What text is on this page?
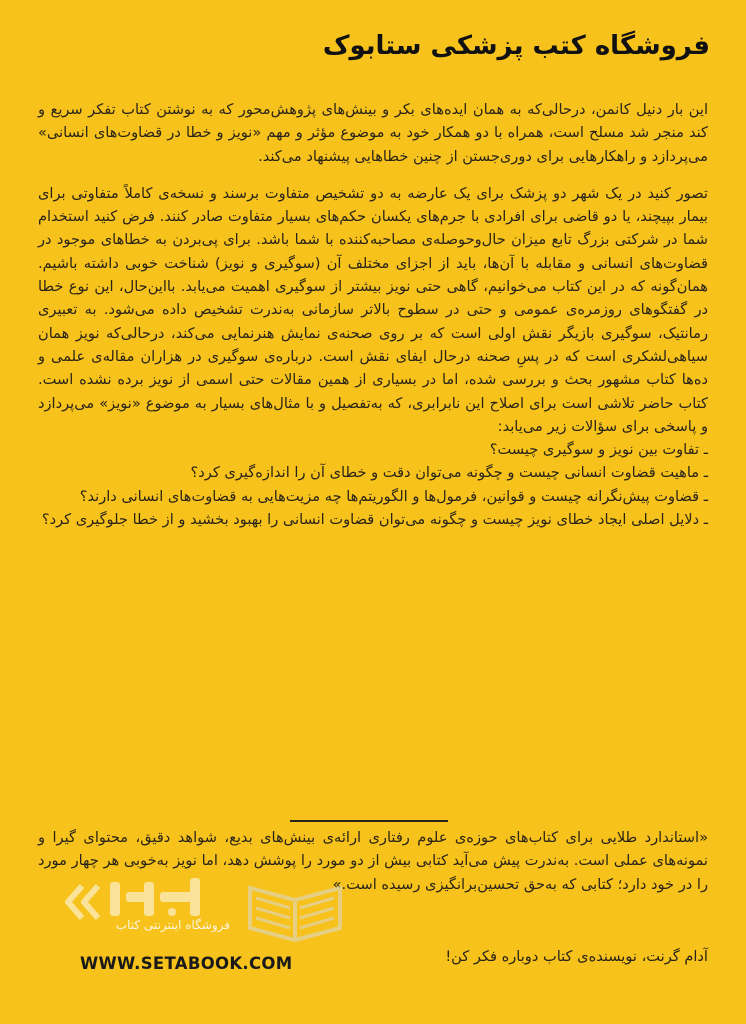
فروشگاه کتب پزشکی ستابوک

این بار دنیل کانمن، درحالی‌که به همان ایده‌های بکر و بینش‌های پژوهش‌محور که به نوشتن کتاب تفکر سریع و کند منجر شد مسلح است، همراه با دو همکار خود به موضوع مؤثر و مهم «نویز و خطا در قضاوت‌های انسانی» می‌پردازد و راهکارهایی برای دوری‌جستن از چنین خطاهایی پیشنهاد می‌کند.

تصور کنید در یک شهر دو پزشک برای یک عارضه به دو تشخیص متفاوت برسند و نسخه‌ی کاملاً متفاوتی برای بیمار بپیچند، یا دو قاضی برای افرادی با جرم‌های یکسان حکم‌های بسیار متفاوت صادر کنند. فرض کنید استخدام شما در شرکتی بزرگ تابع میزان حال‌وحوصله‌ی مصاحبه‌کننده با شما باشد. برای پی‌بردن به خطاهای موجود در قضاوت‌های انسانی و مقابله با آن‌ها، باید از اجزای مختلف آن (سوگیری و نویز) شناخت خوبی داشته باشیم. همان‌گونه که در این کتاب می‌خوانیم، گاهی حتی نویز بیشتر از سوگیری اهمیت می‌یابد. بااین‌حال، این نوع خطا در گفتگوهای روزمره‌ی عمومی و حتی در سطوح بالاتر سازمانی به‌ندرت تشخیص داده می‌شود. به تعبیری رمانتیک، سوگیری بازیگر نقش اولی است که بر روی صحنه‌ی نمایش هنرنمایی می‌کند، درحالی‌که نویز همان سیاهی‌لشکری است که در پسِ صحنه درحال ایفای نقش است. درباره‌ی سوگیری در هزاران مقاله‌ی علمی و ده‌ها کتاب مشهور بحث و بررسی شده، اما در بسیاری از همین مقالات حتی اسمی از نویز برده نشده است. کتاب حاضر تلاشی است برای اصلاح این نابرابری، که به‌تفصیل و با مثال‌های بسیار به موضوع «نویز» می‌پردازد و پاسخی برای سؤالات زیر می‌یابد:

ـ تفاوت بین نویز و سوگیری چیست؟
ـ ماهیت قضاوت انسانی چیست و چگونه می‌توان دقت و خطای آن را اندازه‌گیری کرد؟
ـ قضاوت پیش‌نگرانه چیست و قوانین، فرمول‌ها و الگوریتم‌ها چه مزیت‌هایی به قضاوت‌های انسانی دارند؟
ـ دلایل اصلی ایجاد خطای نویز چیست و چگونه می‌توان قضاوت انسانی را بهبود بخشید و از خطا جلوگیری کرد؟

«استاندارد طلایی برای کتاب‌های حوزه‌ی علوم رفتاری ارائه‌ی بینش‌های بدیع، شواهد دقیق، محتوای گیرا و نمونه‌های عملی است. به‌ندرت پیش می‌آید کتابی بیش از دو مورد را پوشش دهد، اما نویز به‌خوبی هر چهار مورد را در خود دارد؛ کتابی که به‌حق تحسین‌برانگیزی رسیده است.»

آدام گرنت، نویسنده‌ی کتاب دوباره فکر کن!
فروشگاه اینترنتی کتاب
WWW.SETABOOK.COM
